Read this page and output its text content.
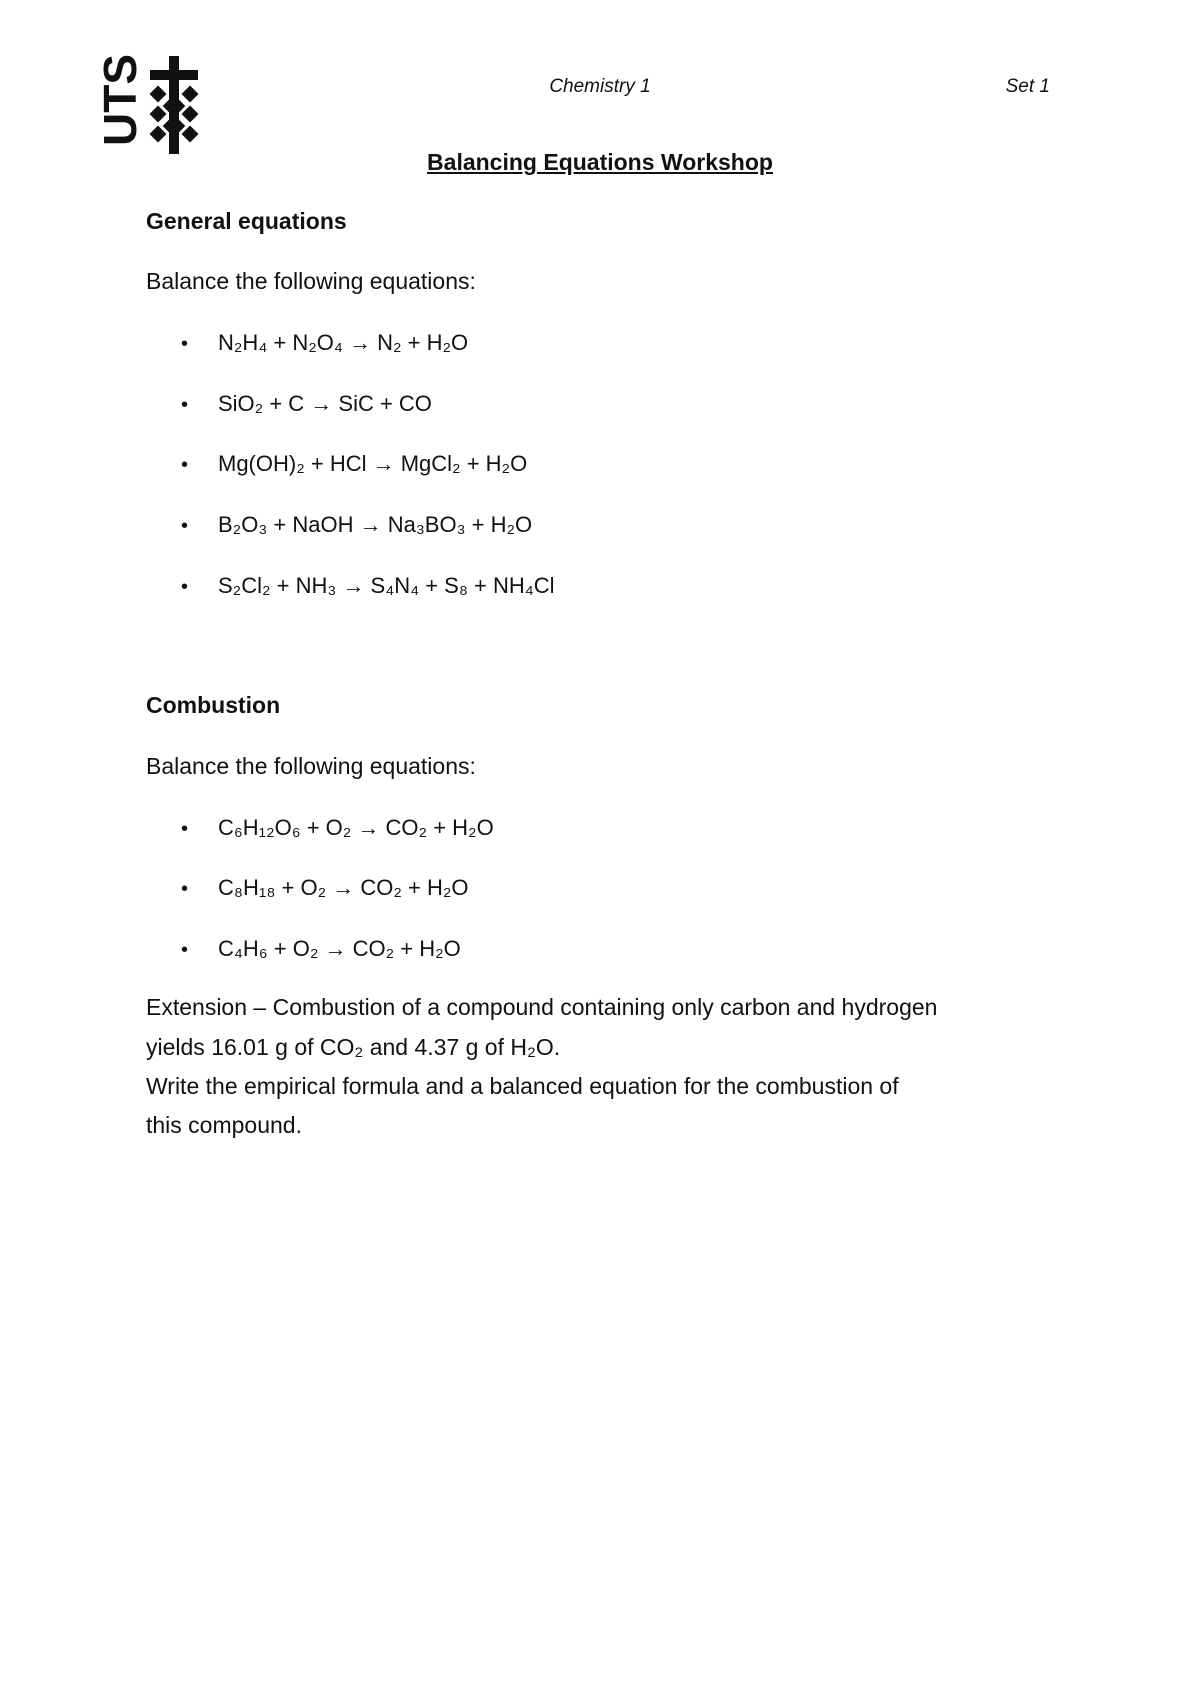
UTS	Chemistry 1	Set 1
Balancing Equations Workshop
General equations
Balance the following equations:
•	N₂H₄ + N₂O₄ → N₂ + H₂O
•	SiO₂ + C → SiC + CO
•	Mg(OH)₂ + HCl → MgCl₂ + H₂O
•	B₂O₃ + NaOH → Na₃BO₃ + H₂O
•	S₂Cl₂ + NH₃ → S₄N₄ + S₈ + NH₄Cl
Combustion
Balance the following equations:
•	C₆H₁₂O₆ + O₂ → CO₂ + H₂O
•	C₈H₁₈ + O₂ → CO₂ + H₂O
•	C₄H₆ + O₂ → CO₂ + H₂O
Extension – Combustion of a compound containing only carbon and hydrogen
yields 16.01 g of CO₂ and 4.37 g of H₂O.
Write the empirical formula and a balanced equation for the combustion of
this compound.
